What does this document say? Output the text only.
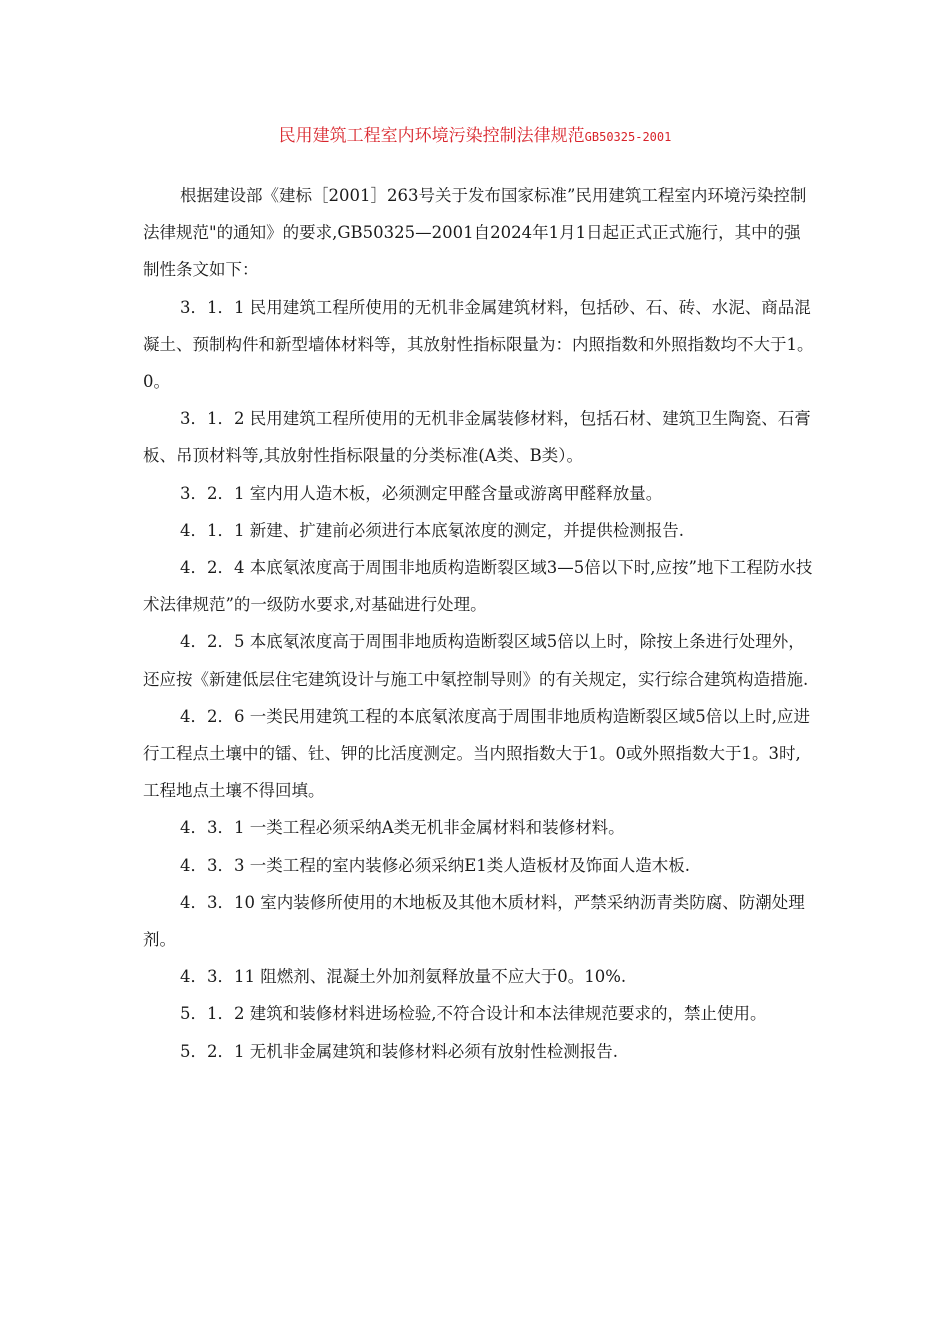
民用建筑工程室内环境污染控制法律规范GB50325-2001

根据建设部《建标［2001］263号关于发布国家标准”民用建筑工程室内环境污染控制法律规范"的通知》的要求,GB50325—2001自2024年1月1日起正式正式施行，其中的强制性条文如下：

3．1．1 民用建筑工程所使用的无机非金属建筑材料，包括砂、石、砖、水泥、商品混凝土、预制构件和新型墙体材料等，其放射性指标限量为：内照指数和外照指数均不大于1。0。

3．1．2 民用建筑工程所使用的无机非金属装修材料，包括石材、建筑卫生陶瓷、石膏板、吊顶材料等,其放射性指标限量的分类标准(A类、B类）。

3．2．1 室内用人造木板，必须测定甲醛含量或游离甲醛释放量。

4．1．1 新建、扩建前必须进行本底氡浓度的测定，并提供检测报告.

4．2．4 本底氡浓度高于周围非地质构造断裂区域3—5倍以下时,应按”地下工程防水技术法律规范”的一级防水要求,对基础进行处理。

4．2．5 本底氡浓度高于周围非地质构造断裂区域5倍以上时，除按上条进行处理外，还应按《新建低层住宅建筑设计与施工中氡控制导则》的有关规定，实行综合建筑构造措施.

4．2．6 一类民用建筑工程的本底氡浓度高于周围非地质构造断裂区域5倍以上时,应进行工程点土壤中的镭、钍、钾的比活度测定。当内照指数大于1。0或外照指数大于1。3时,工程地点土壤不得回填。

4．3．1 一类工程必须采纳A类无机非金属材料和装修材料。

4．3．3 一类工程的室内装修必须采纳E1类人造板材及饰面人造木板.

4．3．10 室内装修所使用的木地板及其他木质材料，严禁采纳沥青类防腐、防潮处理剂。

4．3．11 阻燃剂、混凝土外加剂氨释放量不应大于0。10%.

5．1．2 建筑和装修材料进场检验,不符合设计和本法律规范要求的，禁止使用。

5．2．1 无机非金属建筑和装修材料必须有放射性检测报告.
